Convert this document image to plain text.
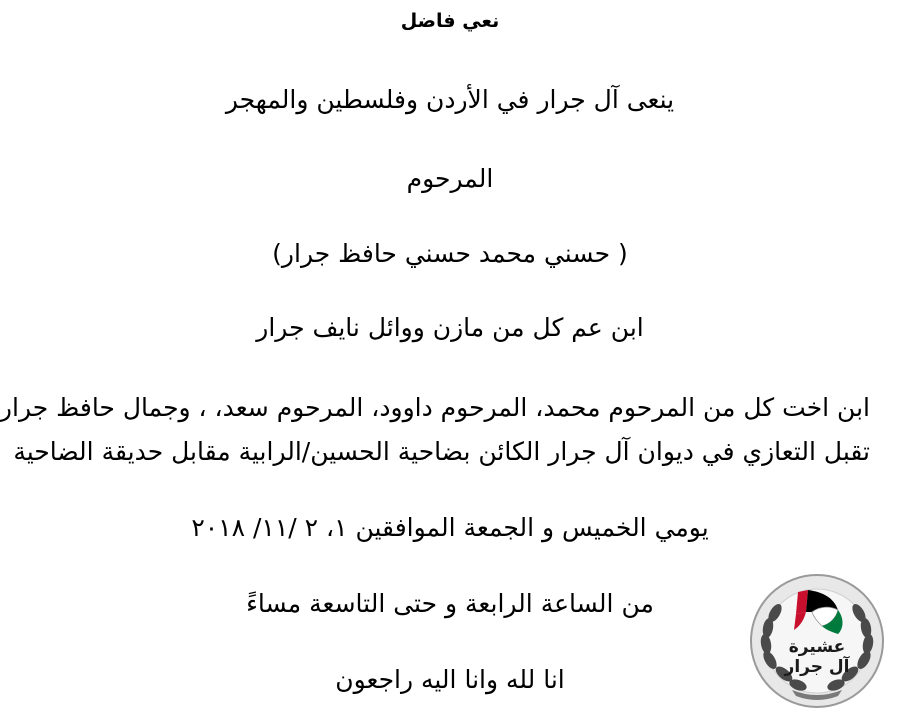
نعي فاضل
ينعى آل جرار في الأردن وفلسطين والمهجر
المرحوم
( حسني محمد حسني حافظ جرار)
ابن عم كل من مازن ووائل نايف جرار
ابن اخت كل من المرحوم محمد، المرحوم داوود، المرحوم سعد، ، وجمال حافظ جرار
تقبل التعازي في ديوان آل جرار الكائن بضاحية الحسين/الرابية مقابل حديقة الضاحية
يومي الخميس و الجمعة الموافقين ١، ٢ /١١/ ٢٠١٨
من الساعة الرابعة و حتى التاسعة مساءً
انا لله وانا اليه راجعون
عشيرة
آل جرار
